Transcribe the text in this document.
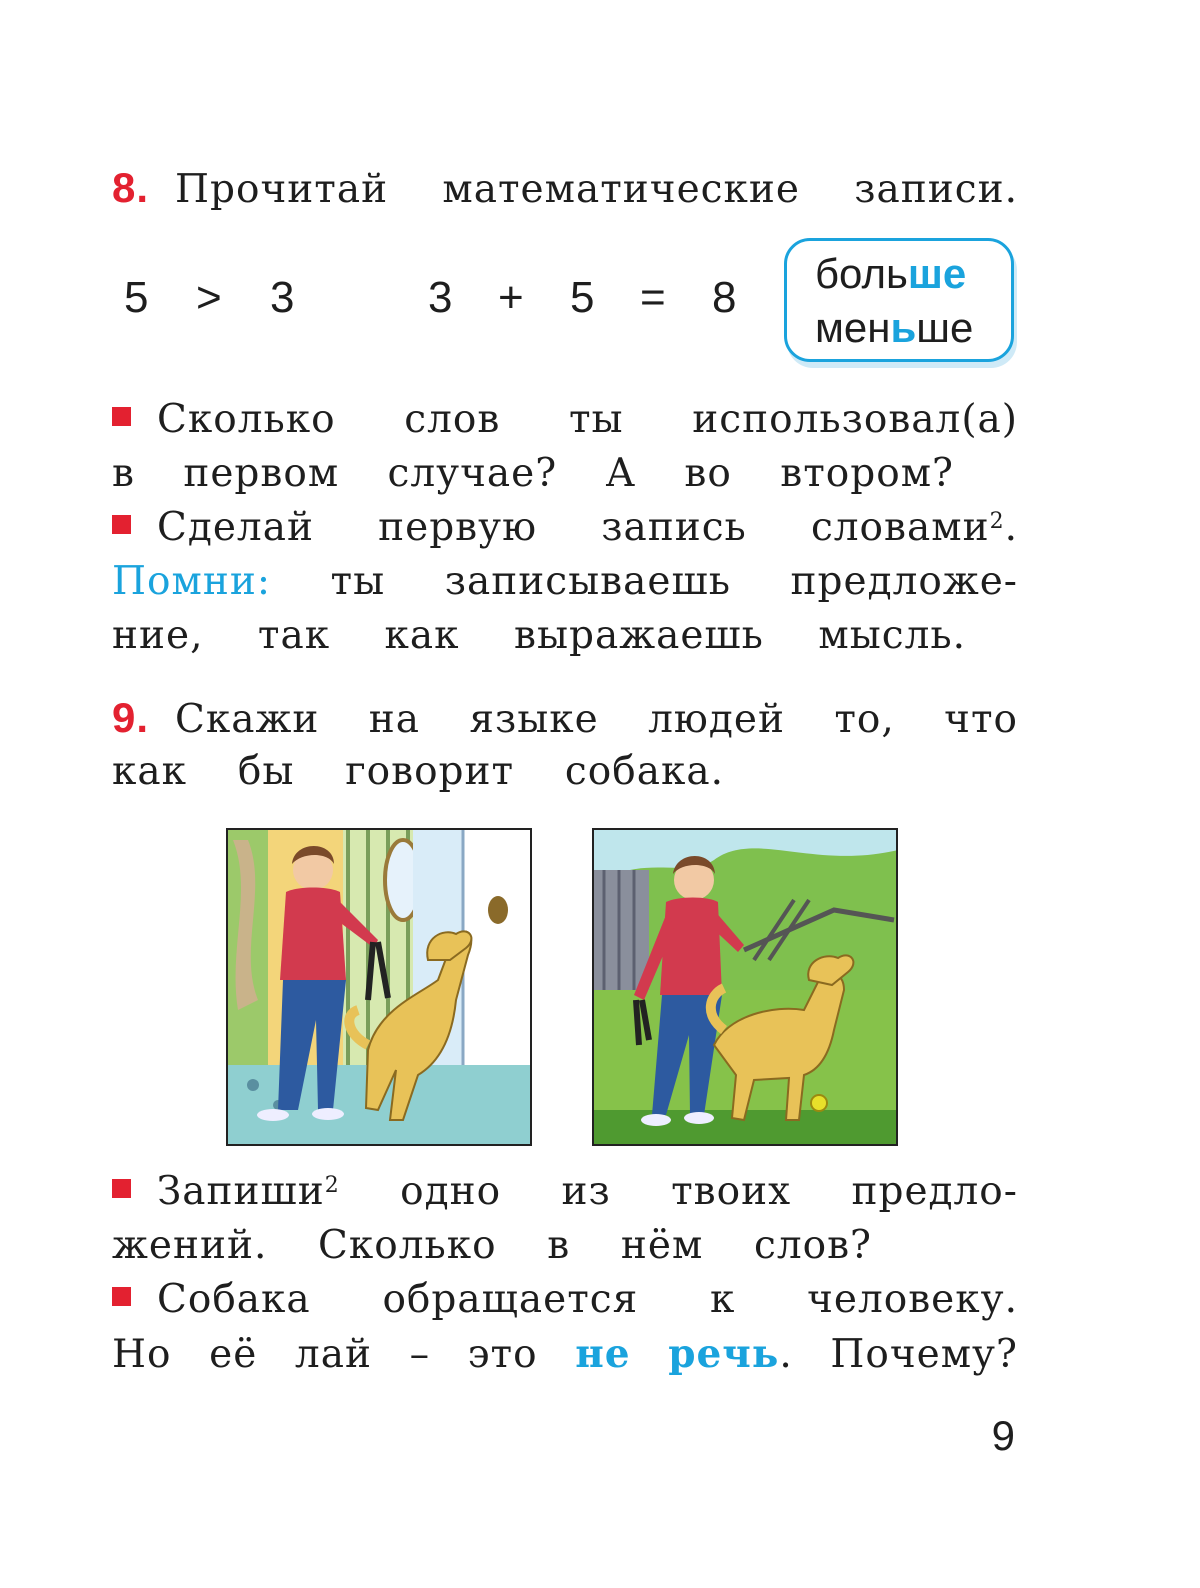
8. Прочитай математические записи.
5 > 3	3 + 5 = 8 больше
меньше
Сколько слов ты использовал(а)
в первом случае? А во втором?
Сделай первую запись словами$^2$.
Помни: ты записываешь предложе-
ние, так как выражаешь мысль.
9. Скажи на языке людей то, что
как бы говорит собака.
Запиши$^2$ одно из твоих предло-
жений. Сколько в нём слов?
Собака обращается к человеку.
Но её лай – это не речь. Почему?
9
